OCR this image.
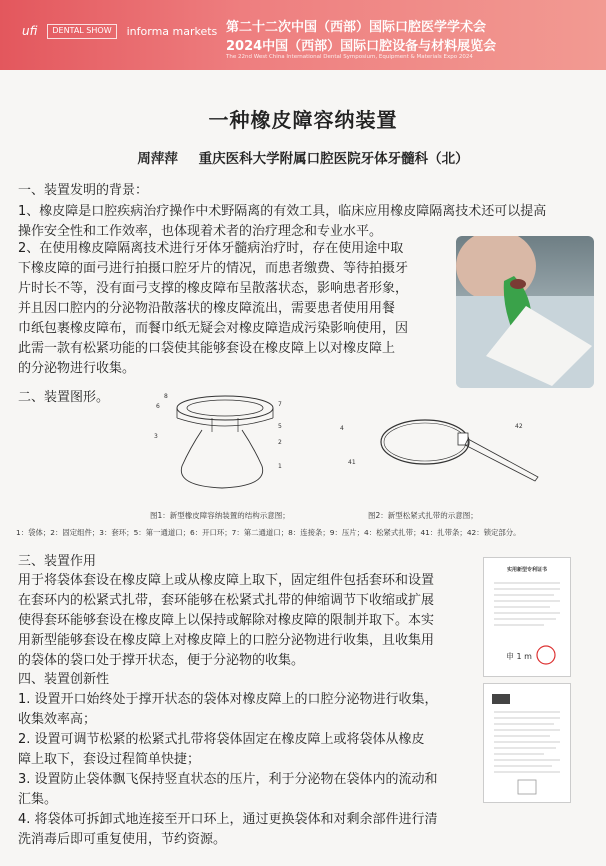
ufi	DENTAL SHOW	informa markets 第二十二次中国（西部）国际口腔医学学术会
2024中国（西部）国际口腔设备与材料展览会
The 22nd West China International Dental Symposium, Equipment & Materials Expo 2024
一种橡皮障容纳装置
周萍萍 重庆医科大学附属口腔医院牙体牙髓科（北）
一、装置发明的背景：
1、橡皮障是口腔疾病治疗操作中术野隔离的有效工具，临床应用橡皮障隔离技术还可以提高
操作安全性和工作效率，也体现着术者的治疗理念和专业水平。
2、在使用橡皮障隔离技术进行牙体牙髓病治疗时，存在使用途中取
下橡皮障的面弓进行拍摄口腔牙片的情况，而患者缴费、等待拍摄牙
片时长不等，没有面弓支撑的橡皮障布呈散落状态，影响患者形象，
并且因口腔内的分泌物沿散落状的橡皮障流出，需要患者使用用餐
巾纸包裹橡皮障布，而餐巾纸无疑会对橡皮障造成污染影响使用，因
此需一款有松紧功能的口袋使其能够套设在橡皮障上以对橡皮障上
的分泌物进行收集。
二、装置图形。	8
6	7
3
5
2
1
4	42
41
图1：新型橡皮障容纳装置的结构示意图；	图2：新型松紧式扎带的示意图；
1：袋体；2：固定组件；3：套环；5：第一通道口；6：开口环；7：第二通道口；8：连接条；9：压片；4：松紧式扎带；41：扎带条；42：锁定部分。
三、装置作用
用于将袋体套设在橡皮障上或从橡皮障上取下，固定组件包括套环和设置
在套环内的松紧式扎带，套环能够在松紧式扎带的伸缩调节下收缩或扩展
使得套环能够套设在橡皮障上以保持或解除对橡皮障的限制并取下。本实
用新型能够套设在橡皮障上对橡皮障上的口腔分泌物进行收集，且收集用
的袋体的袋口处于撑开状态，便于分泌物的收集。
四、装置创新性
1. 设置开口始终处于撑开状态的袋体对橡皮障上的口腔分泌物进行收集，
收集效率高；
2. 设置可调节松紧的松紧式扎带将袋体固定在橡皮障上或将袋体从橡皮
障上取下，套设过程简单快捷；
3. 设置防止袋体飘飞保持竖直状态的压片，利于分泌物在袋体内的流动和
汇集。
4. 将袋体可拆卸式地连接至开口环上，通过更换袋体和对剩余部件进行清
洗消毒后即可重复使用，节约资源。
实用新型专利证书
申 1 m
